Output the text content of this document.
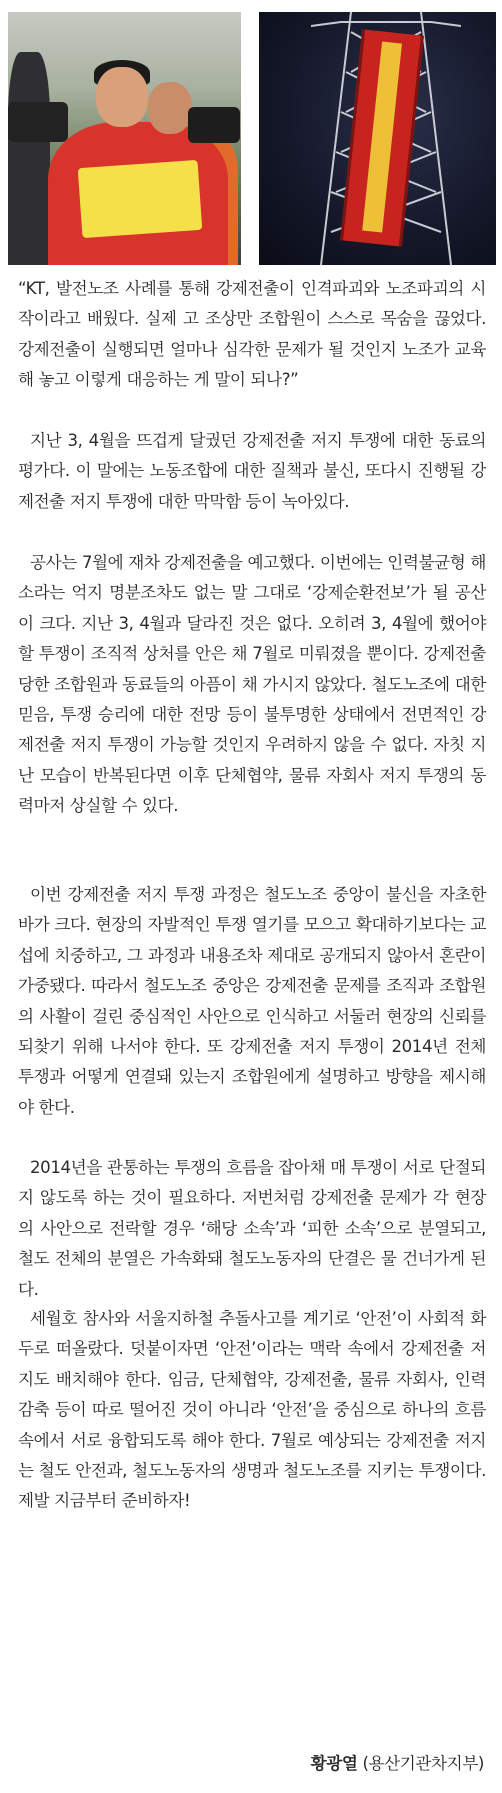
“KT, 발전노조 사례를 통해 강제전출이 인격파괴와 노조파괴의 시작이라고 배웠다. 실제 고 조상만 조합원이 스스로 목숨을 끊었다. 강제전출이 실행되면 얼마나 심각한 문제가 될 것인지 노조가 교육해 놓고 이렇게 대응하는 게 말이 되나?”

지난 3, 4월을 뜨겁게 달궜던 강제전출 저지 투쟁에 대한 동료의 평가다. 이 말에는 노동조합에 대한 질책과 불신, 또다시 진행될 강제전출 저지 투쟁에 대한 막막함 등이 녹아있다.

공사는 7월에 재차 강제전출을 예고했다. 이번에는 인력불균형 해소라는 억지 명분조차도 없는 말 그대로 ‘강제순환전보’가 될 공산이 크다. 지난 3, 4월과 달라진 것은 없다. 오히려 3, 4월에 했어야 할 투쟁이 조직적 상처를 안은 채 7월로 미뤄졌을 뿐이다. 강제전출 당한 조합원과 동료들의 아픔이 채 가시지 않았다. 철도노조에 대한 믿음, 투쟁 승리에 대한 전망 등이 불투명한 상태에서 전면적인 강제전출 저지 투쟁이 가능할 것인지 우려하지 않을 수 없다. 자칫 지난 모습이 반복된다면 이후 단체협약, 물류 자회사 저지 투쟁의 동력마저 상실할 수 있다.

이번 강제전출 저지 투쟁 과정은 철도노조 중앙이 불신을 자초한 바가 크다. 현장의 자발적인 투쟁 열기를 모으고 확대하기보다는 교섭에 치중하고, 그 과정과 내용조차 제대로 공개되지 않아서 혼란이 가중됐다. 따라서 철도노조 중앙은 강제전출 문제를 조직과 조합원의 사활이 걸린 중심적인 사안으로 인식하고 서둘러 현장의 신뢰를 되찾기 위해 나서야 한다. 또 강제전출 저지 투쟁이 2014년 전체 투쟁과 어떻게 연결돼 있는지 조합원에게 설명하고 방향을 제시해야 한다.

2014년을 관통하는 투쟁의 흐름을 잡아채 매 투쟁이 서로 단절되지 않도록 하는 것이 필요하다. 저번처럼 강제전출 문제가 각 현장의 사안으로 전락할 경우 ‘해당 소속’과 ‘피한 소속’으로 분열되고, 철도 전체의 분열은 가속화돼 철도노동자의 단결은 물 건너가게 된다.

세월호 참사와 서울지하철 추돌사고를 계기로 ‘안전’이 사회적 화두로 떠올랐다. 덧붙이자면 ‘안전’이라는 맥락 속에서 강제전출 저지도 배치해야 한다. 임금, 단체협약, 강제전출, 물류 자회사, 인력 감축 등이 따로 떨어진 것이 아니라 ‘안전’을 중심으로 하나의 흐름 속에서 서로 융합되도록 해야 한다. 7월로 예상되는 강제전출 저지는 철도 안전과, 철도노동자의 생명과 철도노조를 지키는 투쟁이다. 제발 지금부터 준비하자!

황광열 (용산기관차지부)
